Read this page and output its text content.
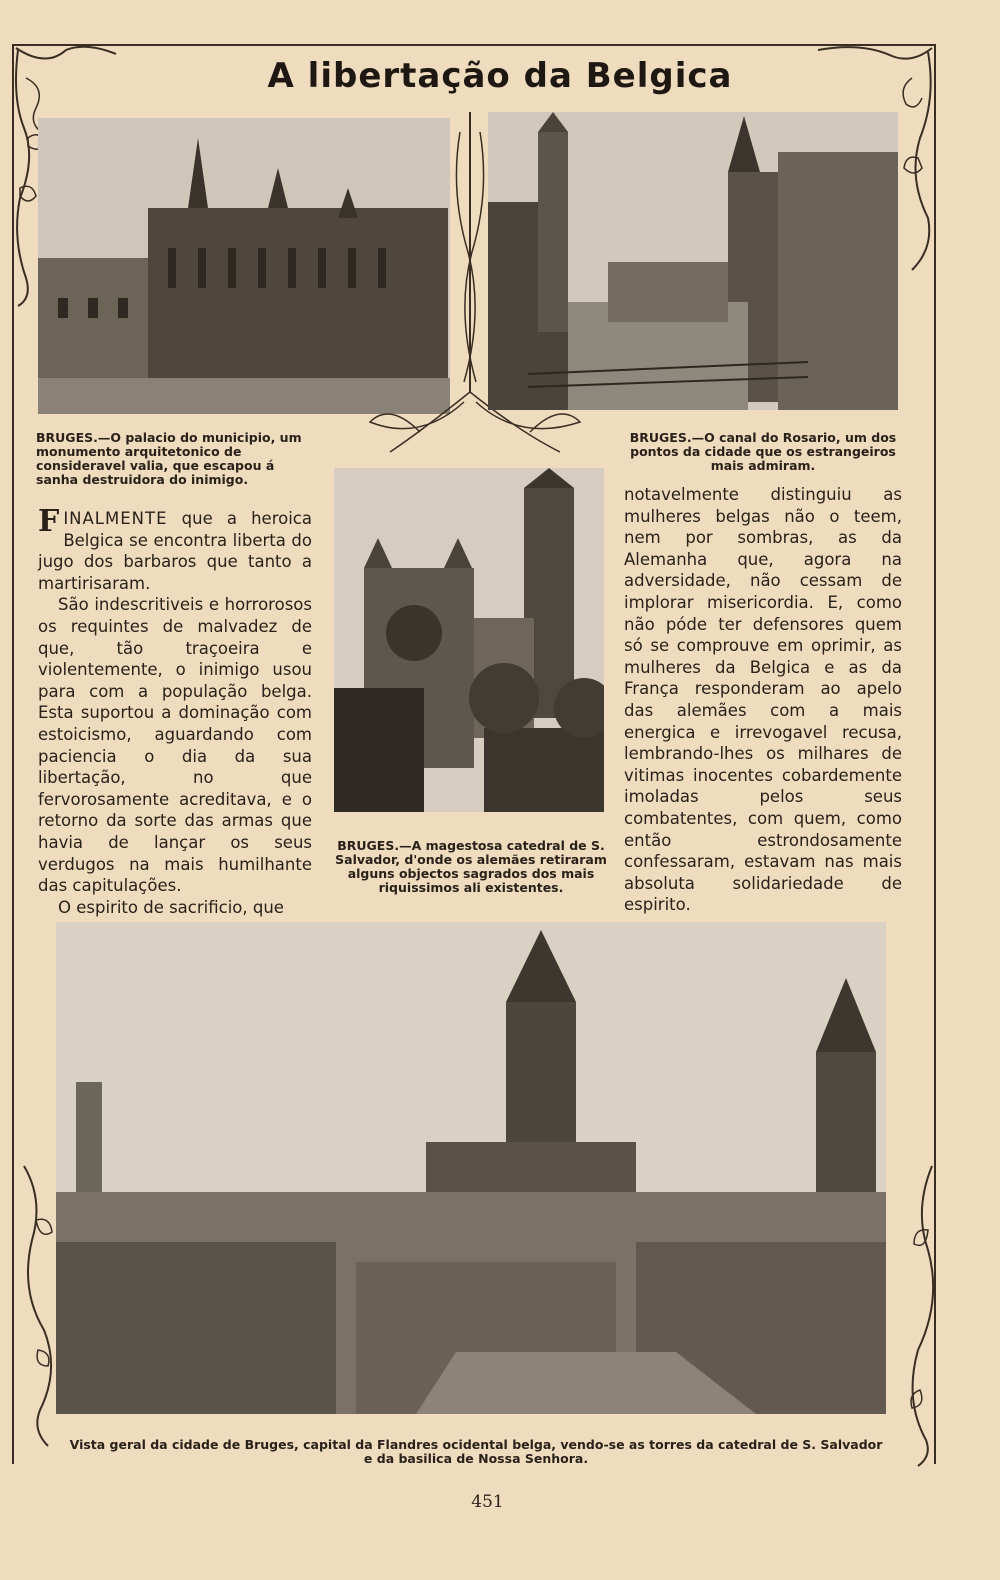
A libertação da Belgica
BRUGES.—O palacio do municipio, um monumento arquitetonico de consideravel valia, que escapou á sanha destruidora do inimigo.
BRUGES.—O canal do Rosario, um dos pontos da cidade que os estrangeiros mais admiram.
BRUGES.—A magestosa catedral de S. Salvador, d'onde os alemães retiraram alguns objectos sagrados dos mais riquissimos ali existentes.

FINALMENTE que a heroica Belgica se encontra liberta do jugo dos barbaros que tanto a martirisaram.

São indescritiveis e horrorosos os requintes de malvadez de que, tão traçoeira e violentemente, o inimigo usou para com a população belga. Esta suportou a dominação com estoicismo, aguardando com paciencia o dia da sua libertação, no que fervorosamente acreditava, e o retorno da sorte das armas que havia de lançar os seus verdugos na mais humilhante das capitulações.

O espirito de sacrificio, que

notavelmente distinguiu as mulheres belgas não o teem, nem por sombras, as da Alemanha que, agora na adversidade, não cessam de implorar misericordia. E, como não póde ter defensores quem só se comprouve em oprimir, as mulheres da Belgica e as da França responderam ao apelo das alemães com a mais energica e irrevogavel recusa, lembrando-lhes os milhares de vitimas inocentes cobardemente imoladas pelos seus combatentes, com quem, como então estrondosamente confessaram, estavam nas mais absoluta solidariedade de espirito.

Vista geral da cidade de Bruges, capital da Flandres ocidental belga, vendo-se as torres da catedral de S. Salvador e da basilica de Nossa Senhora.
451
